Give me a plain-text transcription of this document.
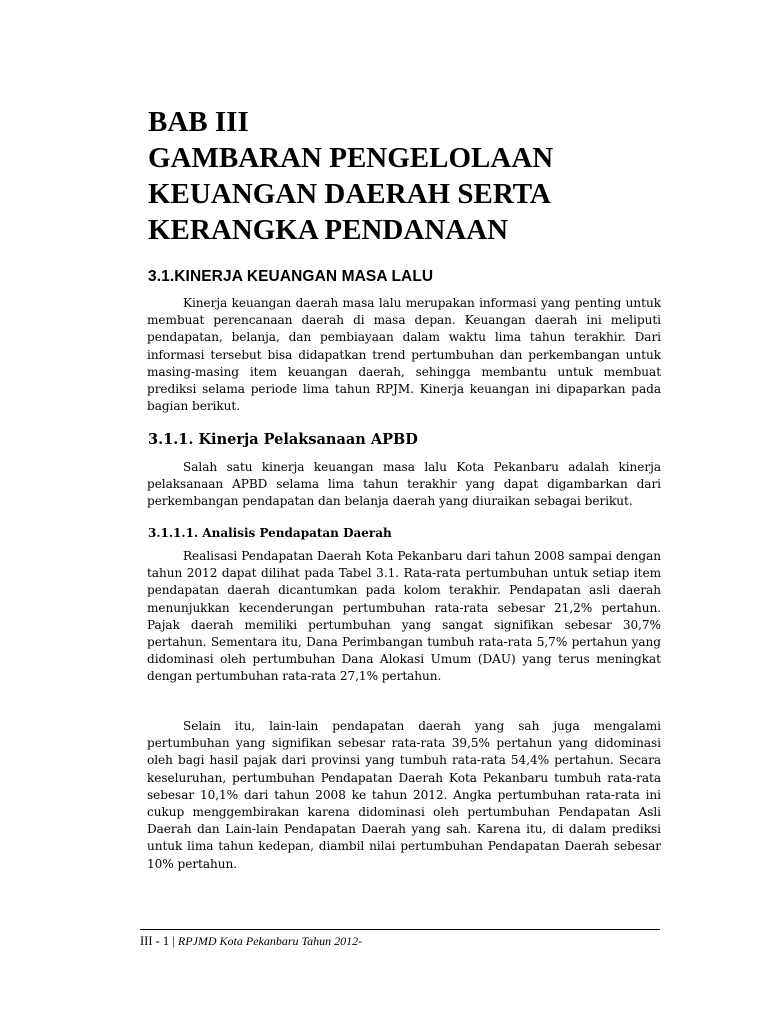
BAB III
GAMBARAN PENGELOLAAN
KEUANGAN DAERAH SERTA
KERANGKA PENDANAAN
3.1.KINERJA KEUANGAN MASA LALU

Kinerja keuangan daerah masa lalu merupakan informasi yang penting untuk membuat perencanaan daerah di masa depan. Keuangan daerah ini meliputi pendapatan, belanja, dan pembiayaan dalam waktu lima tahun terakhir. Dari informasi tersebut bisa didapatkan trend pertumbuhan dan perkembangan untuk masing-masing item keuangan daerah, sehingga membantu untuk membuat prediksi selama periode lima tahun RPJM. Kinerja keuangan ini dipaparkan pada bagian berikut.

3.1.1. Kinerja Pelaksanaan APBD

Salah satu kinerja keuangan masa lalu Kota Pekanbaru adalah kinerja pelaksanaan APBD selama lima tahun terakhir yang dapat digambarkan dari perkembangan pendapatan dan belanja daerah yang diuraikan sebagai berikut.

3.1.1.1. Analisis Pendapatan Daerah

Realisasi Pendapatan Daerah Kota Pekanbaru dari tahun 2008 sampai dengan tahun 2012 dapat dilihat pada Tabel 3.1. Rata-rata pertumbuhan untuk setiap item pendapatan daerah dicantumkan pada kolom terakhir. Pendapatan asli daerah menunjukkan kecenderungan pertumbuhan rata-rata sebesar 21,2% pertahun. Pajak daerah memiliki pertumbuhan yang sangat signifikan sebesar 30,7% pertahun. Sementara itu, Dana Perimbangan tumbuh rata-rata 5,7% pertahun yang didominasi oleh pertumbuhan Dana Alokasi Umum (DAU) yang terus meningkat dengan pertumbuhan rata-rata 27,1% pertahun.

Selain itu, lain-lain pendapatan daerah yang sah juga mengalami pertumbuhan yang signifikan sebesar rata-rata 39,5% pertahun yang didominasi oleh bagi hasil pajak dari provinsi yang tumbuh rata-rata 54,4% pertahun. Secara keseluruhan, pertumbuhan Pendapatan Daerah Kota Pekanbaru tumbuh rata-rata sebesar 10,1% dari tahun 2008 ke tahun 2012. Angka pertumbuhan rata-rata ini cukup menggembirakan karena didominasi oleh pertumbuhan Pendapatan Asli Daerah dan Lain-lain Pendapatan Daerah yang sah. Karena itu, di dalam prediksi untuk lima tahun kedepan, diambil nilai pertumbuhan Pendapatan Daerah sebesar 10% pertahun.

III - 1 | RPJMD Kota Pekanbaru Tahun 2012-
